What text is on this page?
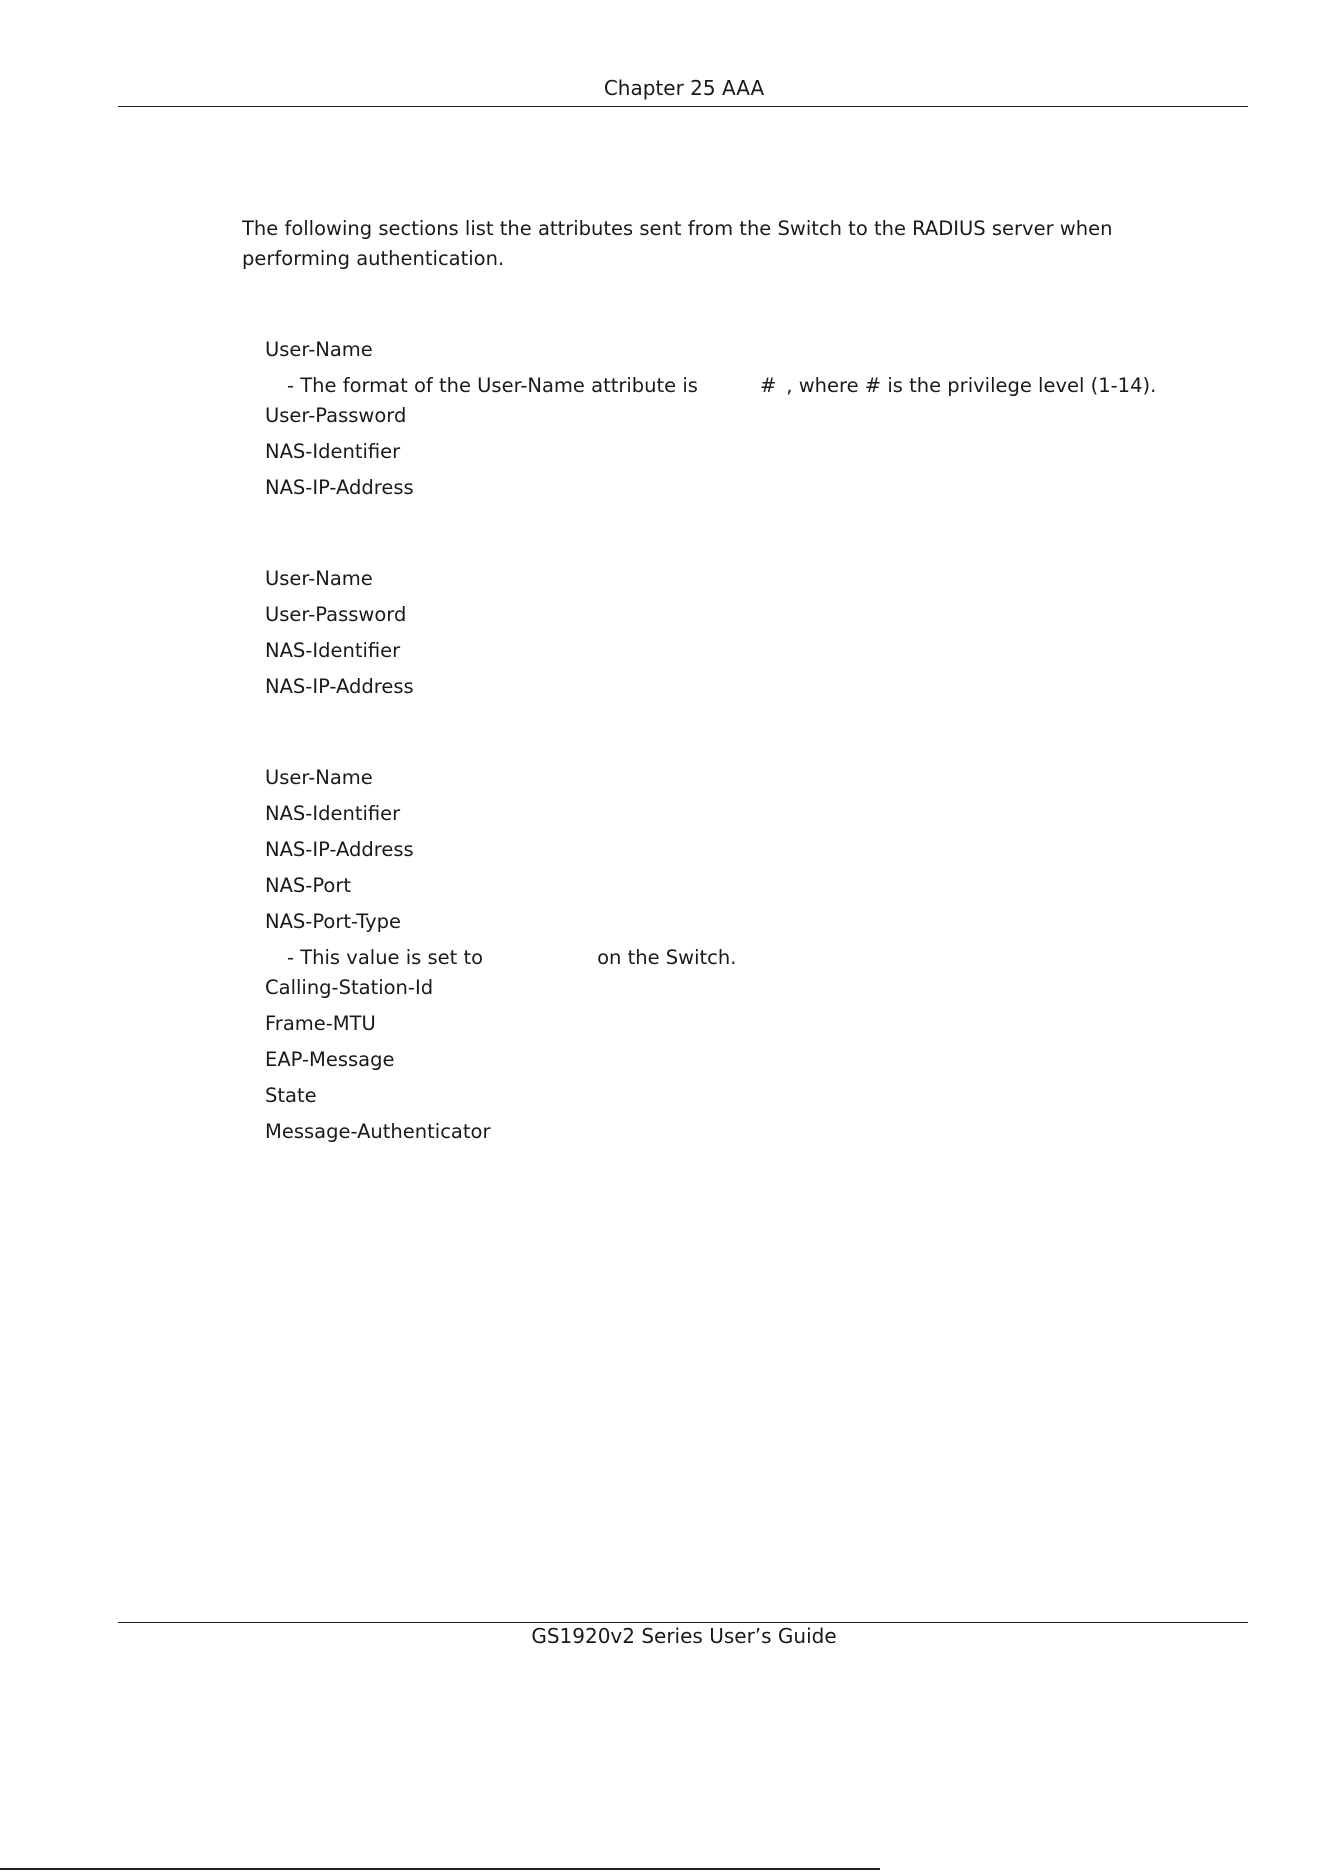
Chapter 25 AAA
The following sections list the attributes sent from the Switch to the RADIUS server when performing authentication.
User-Name
- The format of the User-Name attribute is	# , where # is the privilege level (1-14).
User-Password
NAS-Identifier
NAS-IP-Address
User-Name
User-Password
NAS-Identifier
NAS-IP-Address
User-Name
NAS-Identifier
NAS-IP-Address
NAS-Port
NAS-Port-Type
- This value is set to	on the Switch.
Calling-Station-Id
Frame-MTU
EAP-Message
State
Message-Authenticator
GS1920v2 Series User’s Guide
